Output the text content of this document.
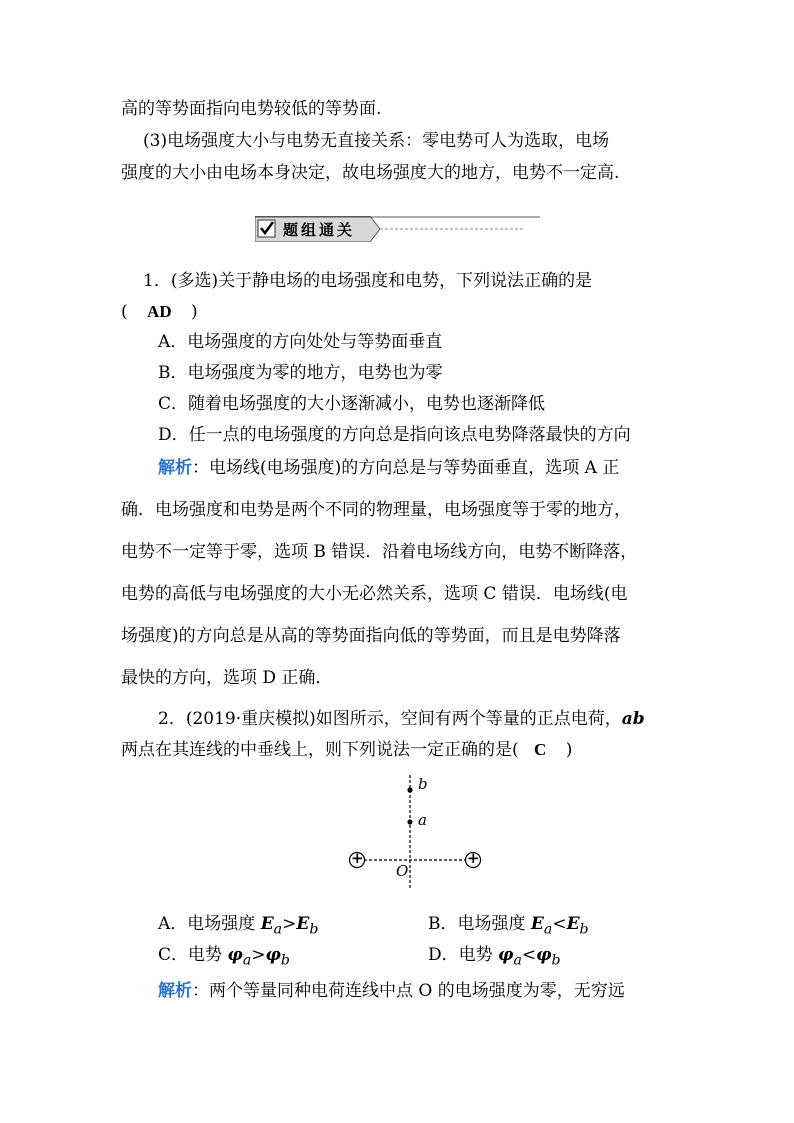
高的等势面指向电势较低的等势面.
(3)电场强度大小与电势无直接关系：零电势可人为选取，电场
强度的大小由电场本身决定，故电场强度大的地方，电势不一定高.
题组通关
1．(多选)关于静电场的电场强度和电势，下列说法正确的是
( AD )
A．电场强度的方向处处与等势面垂直
B．电场强度为零的地方，电势也为零
C．随着电场强度的大小逐渐减小，电势也逐渐降低
D．任一点的电场强度的方向总是指向该点电势降落最快的方向
解析：电场线(电场强度)的方向总是与等势面垂直，选项 A 正
确．电场强度和电势是两个不同的物理量，电场强度等于零的地方，
电势不一定等于零，选项 B 错误．沿着电场线方向，电势不断降落，
电势的高低与电场强度的大小无必然关系，选项 C 错误．电场线(电
场强度)的方向总是从高的等势面指向低的等势面，而且是电势降落
最快的方向，选项 D 正确．
2．(2019·重庆模拟)如图所示，空间有两个等量的正点电荷，ab
两点在其连线的中垂线上，则下列说法一定正确的是( C )
b
a
O
+	+
A．电场强度 $E_a>E_b$	B．电场强度 $E_a<E_b$
C．电势 $\varphi_a>\varphi_b$	D．电势 $\varphi_a<\varphi_b$
解析：两个等量同种电荷连线中点 O 的电场强度为零，无穷远
